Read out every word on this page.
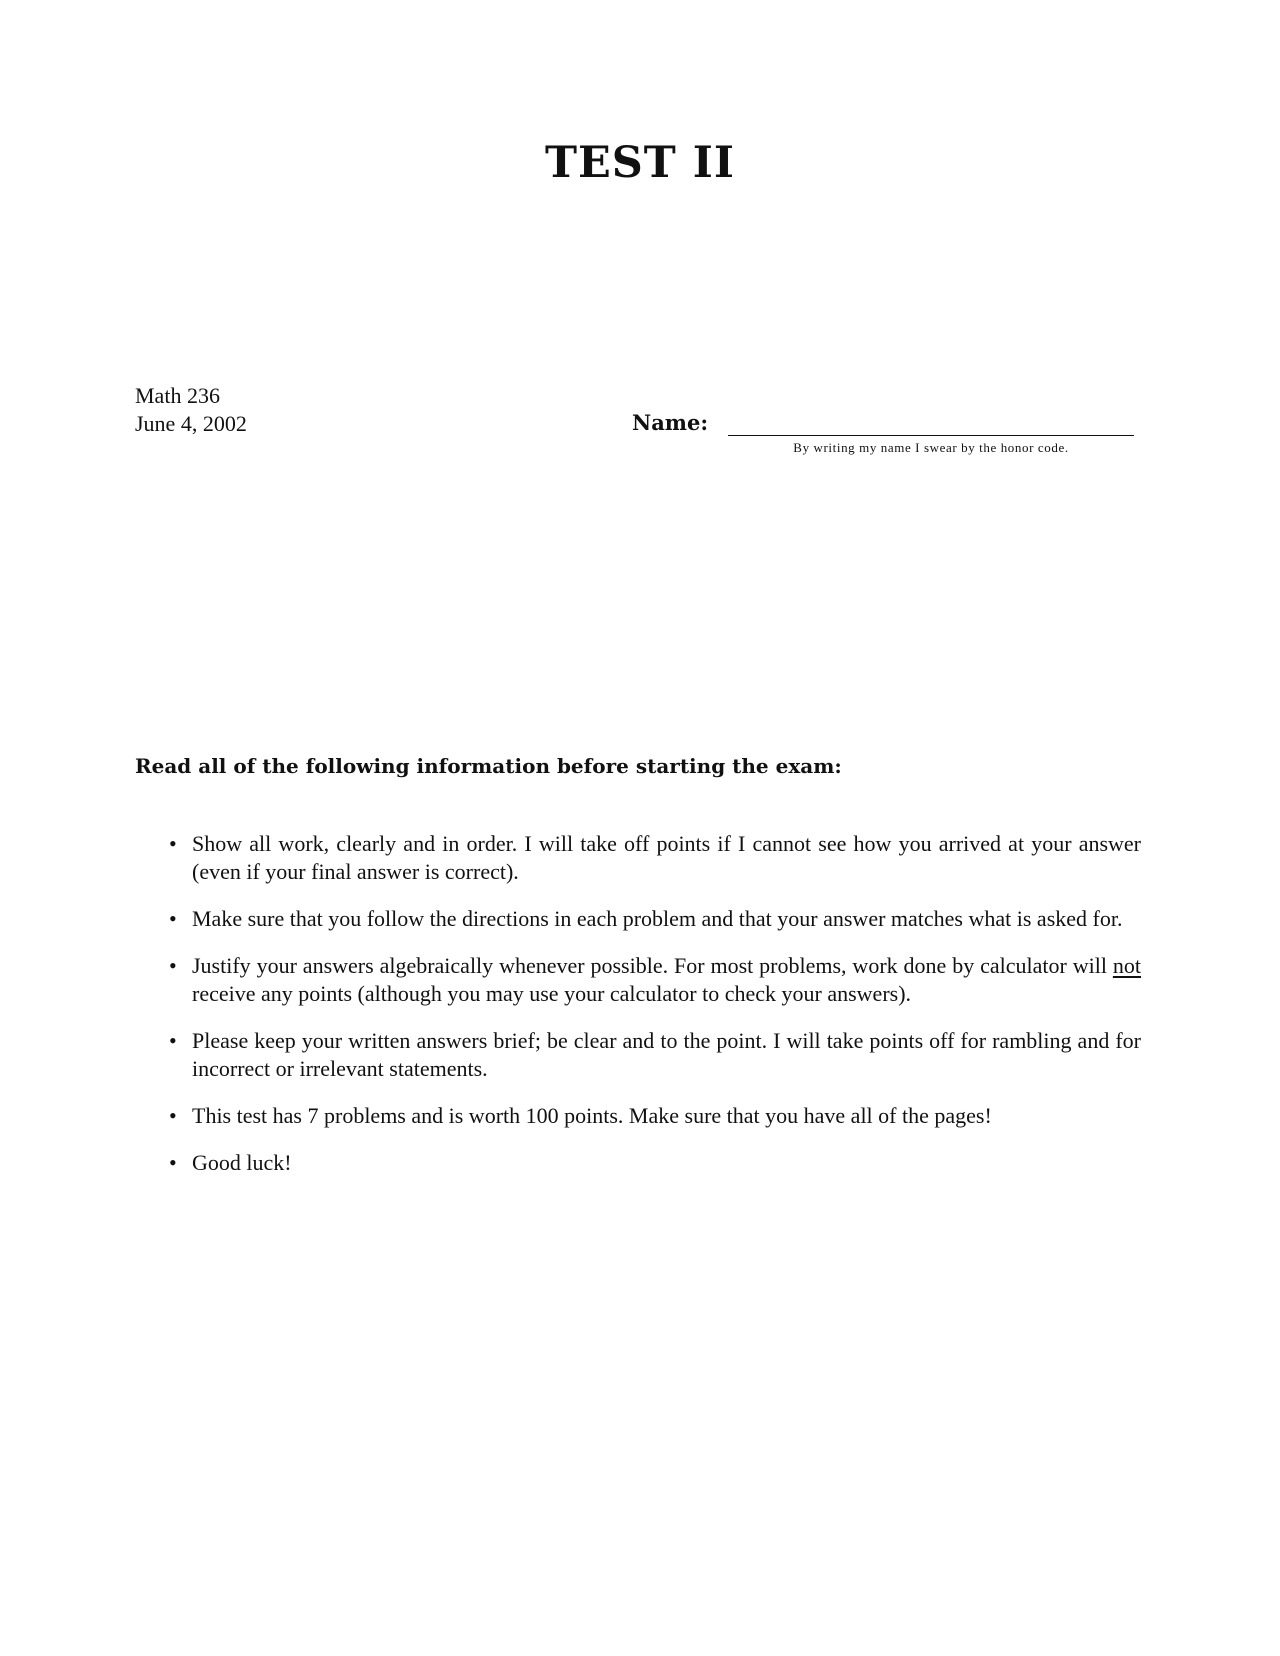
TEST II
Math 236
June 4, 2002	Name:
By writing my name I swear by the honor code.
Read all of the following information before starting the exam:
• Show all work, clearly and in order. I will take off points if I cannot see how you arrived at your answer (even if your final answer is correct).
• Make sure that you follow the directions in each problem and that your answer matches what is asked for.
• Justify your answers algebraically whenever possible. For most problems, work done by calculator will not receive any points (although you may use your calculator to check your answers).
• Please keep your written answers brief; be clear and to the point. I will take points off for rambling and for incorrect or irrelevant statements.
• This test has 7 problems and is worth 100 points. Make sure that you have all of the pages!
• Good luck!
